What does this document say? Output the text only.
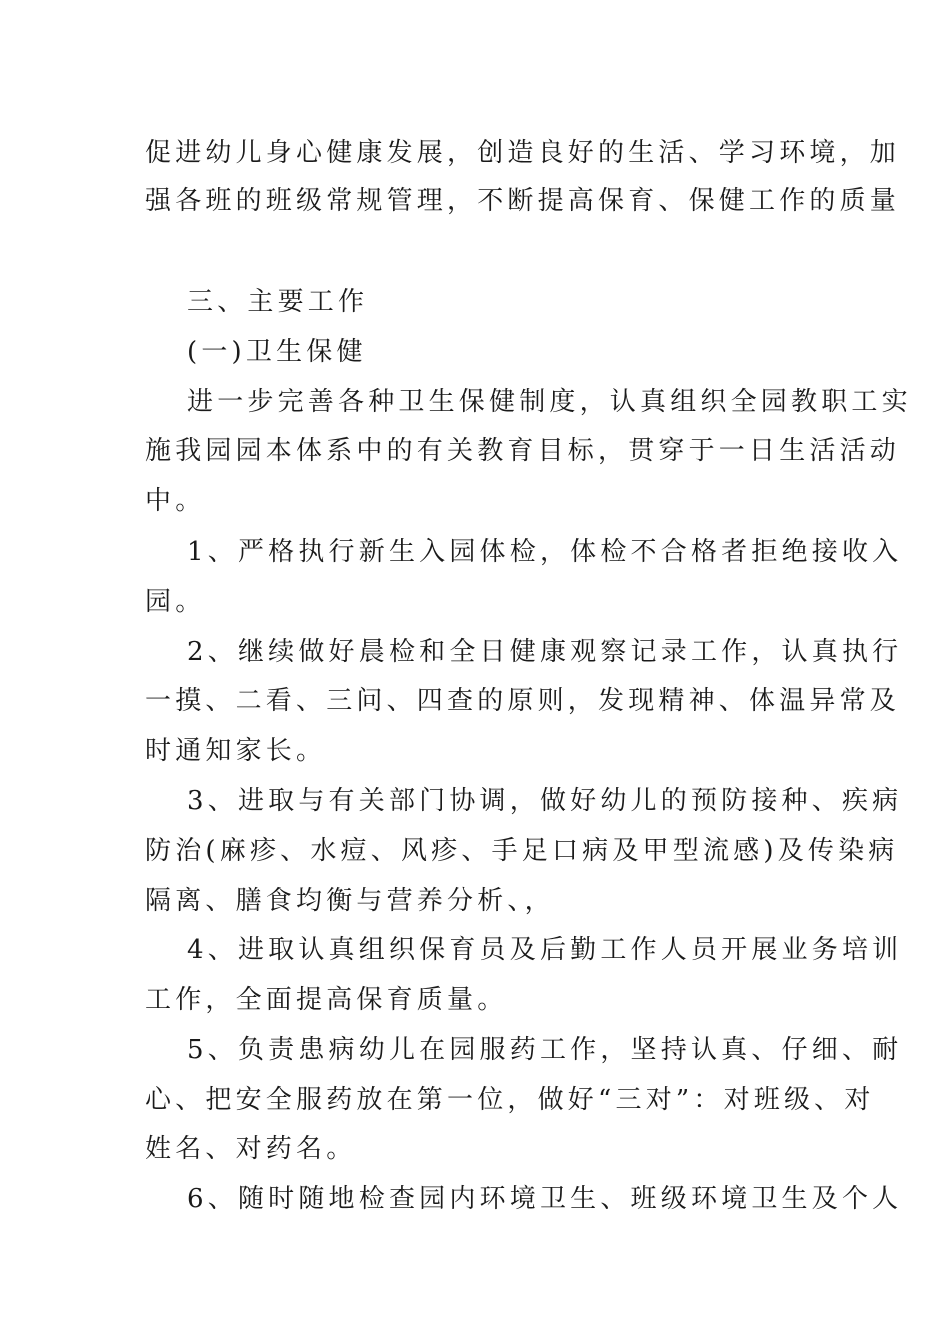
促进幼儿身心健康发展，创造良好的生活、学习环境，加

强各班的班级常规管理，不断提高保育、保健工作的质量

三、主要工作

(一)卫生保健

进一步完善各种卫生保健制度，认真组织全园教职工实

施我园园本体系中的有关教育目标，贯穿于一日生活活动

中。

1、严格执行新生入园体检，体检不合格者拒绝接收入

园。

2、继续做好晨检和全日健康观察记录工作，认真执行

一摸、二看、三问、四查的原则，发现精神、体温异常及

时通知家长。

3、进取与有关部门协调，做好幼儿的预防接种、疾病

防治(麻疹、水痘、风疹、手足口病及甲型流感)及传染病

隔离、膳食均衡与营养分析、，

4、进取认真组织保育员及后勤工作人员开展业务培训

工作，全面提高保育质量。

5、负责患病幼儿在园服药工作，坚持认真、仔细、耐

心、把安全服药放在第一位，做好“三对”：对班级、对

姓名、对药名。

6、随时随地检查园内环境卫生、班级环境卫生及个人
